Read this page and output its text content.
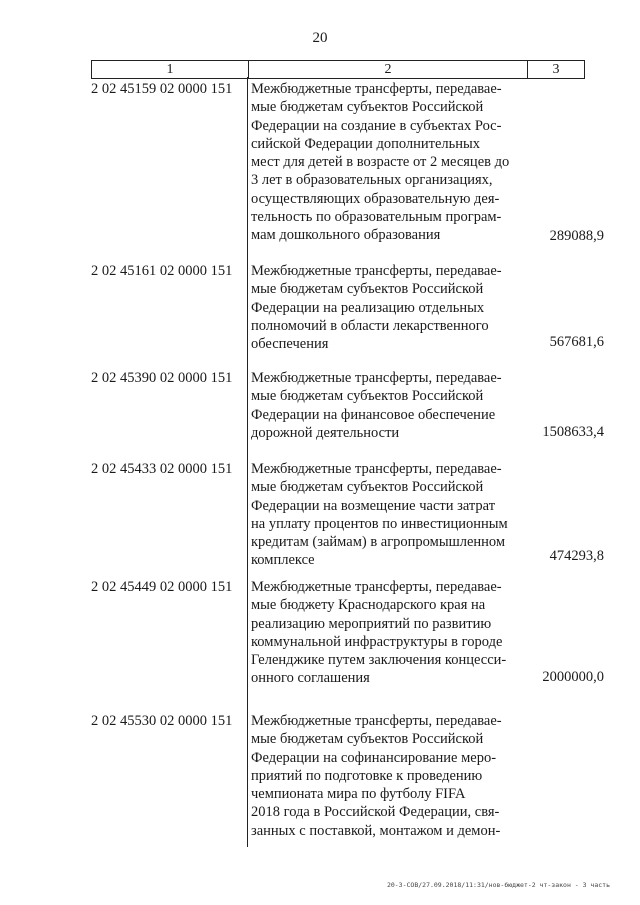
20
1	2	3
2 02 45159 02 0000 151 Межбюджетные трансферты, передавае-
мые бюджетам субъектов Российской
Федерации на создание в субъектах Рос-
сийской Федерации дополнительных
мест для детей в возрасте от 2 месяцев до
3 лет в образовательных организациях,
осуществляющих образовательную дея-
тельность по образовательным програм-
мам дошкольного образования	289088,9
2 02 45161 02 0000 151 Межбюджетные трансферты, передавае-
мые бюджетам субъектов Российской
Федерации на реализацию отдельных
полномочий в области лекарственного
обеспечения	567681,6
2 02 45390 02 0000 151 Межбюджетные трансферты, передавае-
мые бюджетам субъектов Российской
Федерации на финансовое обеспечение
дорожной деятельности	1508633,4
2 02 45433 02 0000 151 Межбюджетные трансферты, передавае-
мые бюджетам субъектов Российской
Федерации на возмещение части затрат
на уплату процентов по инвестиционным
кредитам (займам) в агропромышленном
комплексе	474293,8
2 02 45449 02 0000 151 Межбюджетные трансферты, передавае-
мые бюджету Краснодарского края на
реализацию мероприятий по развитию
коммунальной инфраструктуры в городе
Геленджике путем заключения концесси-
онного соглашения	2000000,0
2 02 45530 02 0000 151 Межбюджетные трансферты, передавае-
мые бюджетам субъектов Российской
Федерации на софинансирование меро-
приятий по подготовке к проведению
чемпионата мира по футболу FIFA
2018 года в Российской Федерации, свя-
занных с поставкой, монтажом и демон-
20-3-СОВ/27.09.2018/11:31/нов-бюджет-2 чт-закон - 3 часть
